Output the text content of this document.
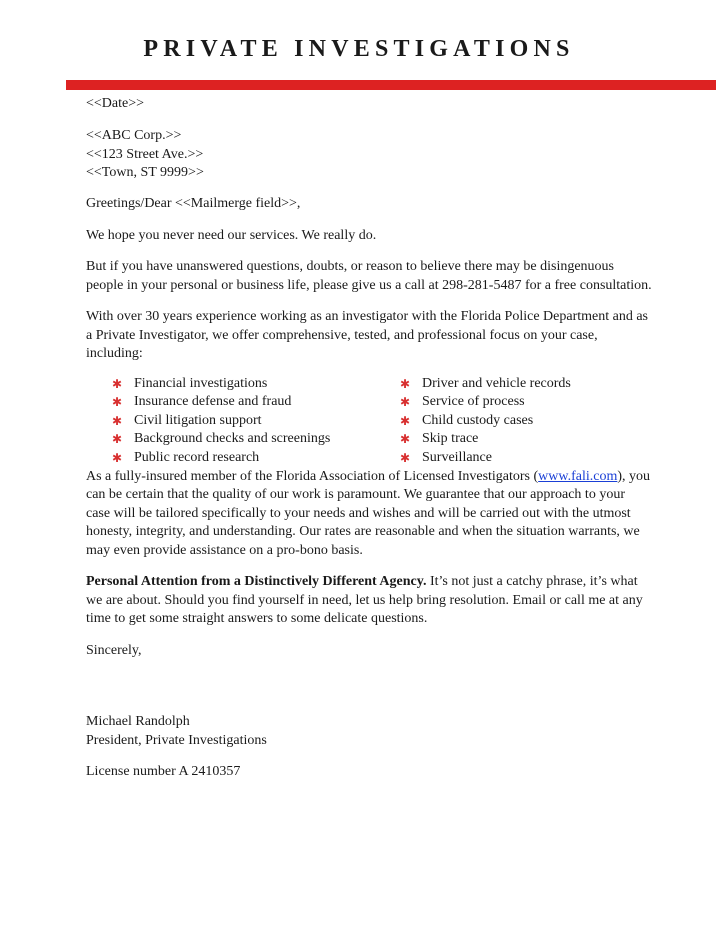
PRIVATE INVESTIGATIONS

<<Date>>

<<ABC Corp.>>

<<123 Street Ave.>>

<<Town, ST 9999>>

Greetings/Dear <<Mailmerge field>>,

We hope you never need our services. We really do.

But if you have unanswered questions, doubts, or reason to believe there may be disingenuous

people in your personal or business life, please give us a call at 298-281-5487 for a free consultation.

With over 30 years experience working as an investigator with the Florida Police Department and as

a Private Investigator, we offer comprehensive, tested, and professional focus on your case,

including:

✱ Financial investigations
✱ Insurance defense and fraud
✱ Civil litigation support
✱ Background checks and screenings
✱ Public record research
✱ Driver and vehicle records
✱ Service of process
✱ Child custody cases
✱ Skip trace
✱ Surveillance

As a fully-insured member of the Florida Association of Licensed Investigators (www.fali.com), you

can be certain that the quality of our work is paramount. We guarantee that our approach to your

case will be tailored specifically to your needs and wishes and will be carried out with the utmost

honesty, integrity, and understanding. Our rates are reasonable and when the situation warrants, we

may even provide assistance on a pro-bono basis.

Personal Attention from a Distinctively Different Agency. It’s not just a catchy phrase, it’s what

we are about. Should you find yourself in need, let us help bring resolution. Email or call me at any

time to get some straight answers to some delicate questions.

Sincerely,

Michael Randolph

President, Private Investigations

License number A 2410357
